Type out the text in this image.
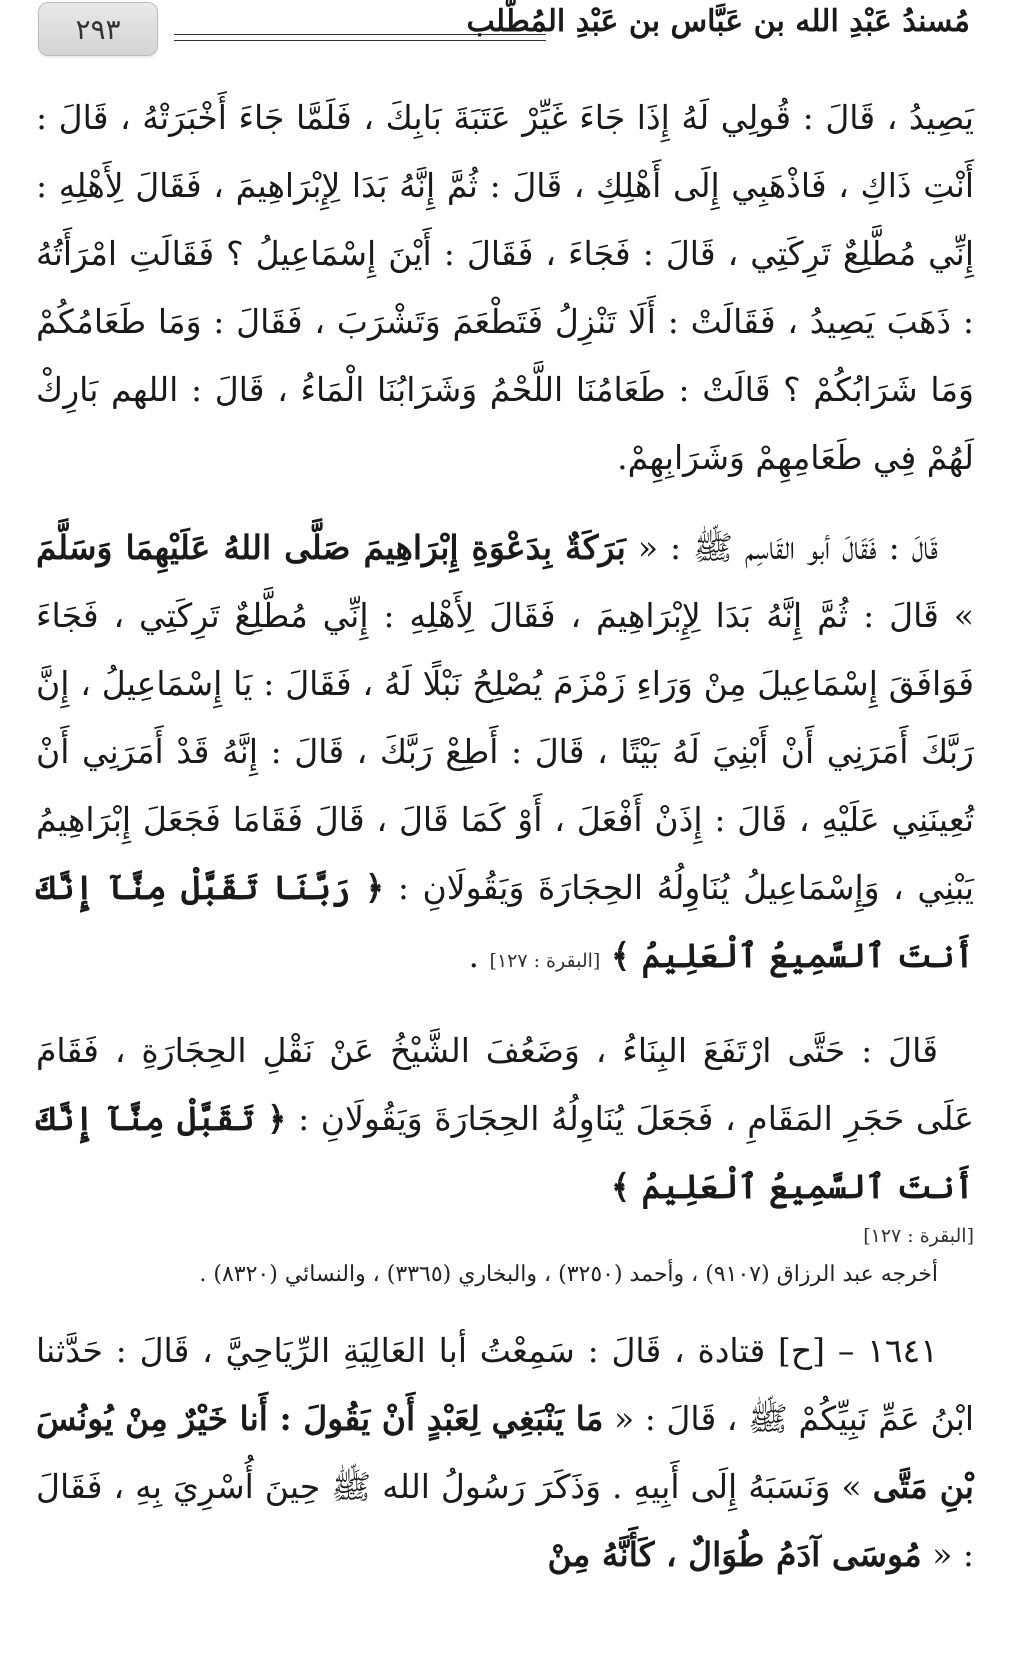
٢٩٣	مُسندُ عَبْدِ الله بن عَبَّاس بن عَبْدِ المُطَّلب

يَصِيدُ ، قَالَ : قُولِي لَهُ إِذَا جَاءَ غَيِّرْ عَتَبَةَ بَابِكَ ، فَلَمَّا جَاءَ أَخْبَرَتْهُ ، قَالَ : أَنْتِ ذَاكِ ، فَاذْهَبِي إِلَى أَهْلِكِ ، قَالَ : ثُمَّ إِنَّهُ بَدَا لِإِبْرَاهِيمَ ، فَقَالَ لِأَهْلِهِ : إِنِّي مُطَّلِعٌ تَرِكَتِي ، قَالَ : فَجَاءَ ، فَقَالَ : أَيْنَ إِسْمَاعِيلُ ؟ فَقَالَتِ امْرَأَتُهُ : ذَهَبَ يَصِيدُ ، فَقَالَتْ : أَلَا تَنْزِلُ فَتَطْعَمَ وَتَشْرَبَ ، فَقَالَ : وَمَا طَعَامُكُمْ وَمَا شَرَابُكُمْ ؟ قَالَتْ : طَعَامُنَا اللَّحْمُ وَشَرَابُنَا الْمَاءُ ، قَالَ : اللهم بَارِكْ لَهُمْ فِي طَعَامِهِمْ وَشَرَابِهِمْ.

قَالَ : فَقَالَ أبو القَاسِم ﷺ : « بَرَكَةٌ بِدَعْوَةِ إِبْرَاهِيمَ صَلَّى اللهُ عَلَيْهِمَا وَسَلَّمَ » قَالَ : ثُمَّ إِنَّهُ بَدَا لِإِبْرَاهِيمَ ، فَقَالَ لِأَهْلِهِ : إِنِّي مُطَّلِعٌ تَرِكَتِي ، فَجَاءَ فَوَافَقَ إِسْمَاعِيلَ مِنْ وَرَاءِ زَمْزَمَ يُصْلِحُ نَبْلًا لَهُ ، فَقَالَ : يَا إِسْمَاعِيلُ ، إِنَّ رَبَّكَ أَمَرَنِي أَنْ أَبْنِيَ لَهُ بَيْتًا ، قَالَ : أَطِعْ رَبَّكَ ، قَالَ : إِنَّهُ قَدْ أَمَرَنِي أَنْ تُعِينَنِي عَلَيْهِ ، قَالَ : إِذَنْ أَفْعَلَ ، أَوْ كَمَا قَالَ ، قَالَ فَقَامَا فَجَعَلَ إِبْرَاهِيمُ يَبْنِي ، وَإِسْمَاعِيلُ يُنَاوِلُهُ الحِجَارَةَ وَيَقُولَانِ : ﴿ رَبَّنَا تَقَبَّلْ مِنَّآ إِنَّكَ أَنتَ ٱلسَّمِيعُ ٱلْعَلِيمُ ﴾ [البقرة : ١٢٧] .

قَالَ : حَتَّى ارْتَفَعَ البِنَاءُ ، وَضَعُفَ الشَّيْخُ عَنْ نَقْلِ الحِجَارَةِ ، فَقَامَ عَلَى حَجَرِ المَقَامِ ، فَجَعَلَ يُنَاوِلُهُ الحِجَارَةَ وَيَقُولَانِ : ﴿ تَقَبَّلْ مِنَّآ إِنَّكَ أَنتَ ٱلسَّمِيعُ ٱلْعَلِيمُ ﴾

[البقرة : ١٢٧]

أخرجه عبد الرزاق (٩١٠٧) ، وأحمد (٣٢٥٠) ، والبخاري (٣٣٦٥) ، والنسائي (٨٣٢٠) .

١٦٤١ – [ح] قتادة ، قَالَ : سَمِعْتُ أبا العَالِيَةِ الرِّيَاحِيَّ ، قَالَ : حَدَّثنا ابْنُ عَمِّ نَبِيِّكُمْ ﷺ ، قَالَ : « مَا يَنْبَغِي لِعَبْدٍ أَنْ يَقُولَ : أَنا خَيْرٌ مِنْ يُونُسَ بْنِ مَتَّى » وَنَسَبَهُ إِلَى أَبِيهِ . وَذَكَرَ رَسُولُ الله ﷺ حِينَ أُسْرِيَ بِهِ ، فَقَالَ : « مُوسَى آدَمُ طُوَالٌ ، كَأَنَّهُ مِنْ
